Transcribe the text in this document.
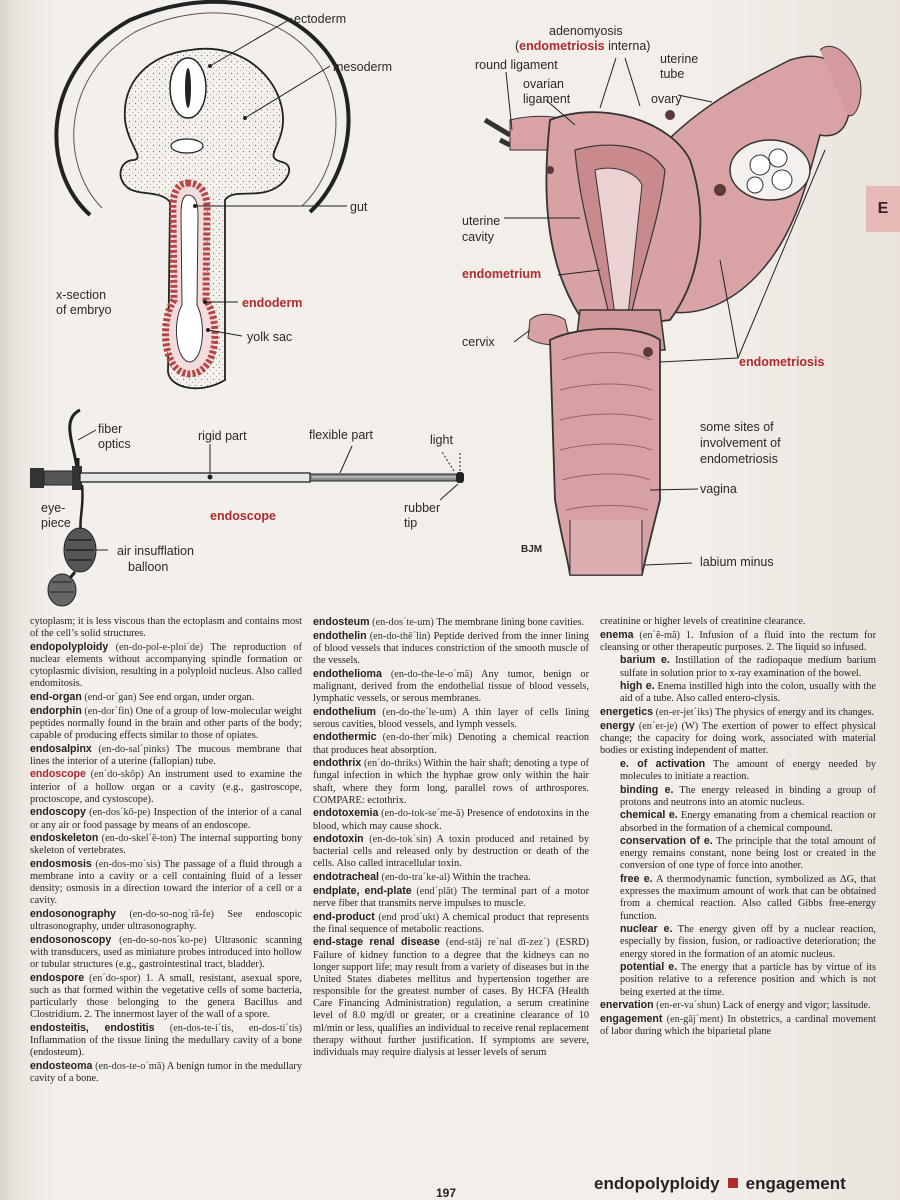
ectoderm
mesoderm
gut
x-section
of embryo	endoderm
yolk sac
fiber
optics
rigid part	flexible part	light
eye-
piece	endoscope
rubber
tip
air insufflation
balloon
adenomyosis
(endometriosis interna)
round ligament	uterine
tube
ovarian
ligament	ovary
uterine
cavity
endometrium
cervix
endometriosis
some sites of
involvement of
endometriosis
vagina
BJM
labium minus
E
cytoplasm; it is less viscous than the ectoplasm and contains most of the cell’s solid structures.
endopolyploidy (en-do-pol-e-ploi´de) The reproduction of nuclear elements without accompanying spindle formation or cytoplasmic division, resulting in a polyploid nucleus. Also called endomitosis.
end-organ (end-or´gan) See end organ, under organ.
endorphin (en-dor´fin) One of a group of low-molecular weight peptides normally found in the brain and other parts of the body; capable of producing effects similar to those of opiates.
endosalpinx (en-do-sal´pinks) The mucous membrane that lines the interior of a uterine (fallopian) tube.
endoscope (en´do-skōp) An instrument used to examine the interior of a hollow organ or a cavity (e.g., gastroscope, proctoscope, and cystoscope).
endoscopy (en-dos´kō-pe) Inspection of the interior of a canal or any air or food passage by means of an endoscope.
endoskeleton (en-do-skel´ĕ-ton) The internal supporting bony skeleton of vertebrates.
endosmosis (en-dos-mo´sis) The passage of a fluid through a membrane into a cavity or a cell containing fluid of a lesser density; osmosis in a direction toward the interior of a cell or a cavity.
endosonography (en-do-so-nog´ră-fe) See endoscopic ultrasonography, under ultrasonography.
endosonoscopy (en-do-so-nos´ko-pe) Ultrasonic scanning with transducers, used as miniature probes introduced into hollow or tubular structures (e.g., gastrointestinal tract, bladder).
endospore (en´do-spor) 1. A small, resistant, asexual spore, such as that formed within the vegetative cells of some bacteria, particularly those belonging to the genera Bacillus and Clostridium. 2. The innermost layer of the wall of a spore.
endosteitis, endostitis (en-dos-te-i´tis, en-dos-ti´tis) Inflammation of the tissue lining the medullary cavity of a bone (endosteum).
endosteoma (en-dos-te-o´mă) A benign tumor in the medullary cavity of a bone.
endosteum (en-dos´te-um) The membrane lining bone cavities.
endothelin (en-do-thē´lin) Peptide derived from the inner lining of blood vessels that induces constriction of the smooth muscle of the vessels.
endothelioma (en-do-the-le-o´mă) Any tumor, benign or malignant, derived from the endothelial tissue of blood vessels, lymphatic vessels, or serous membranes.
endothelium (en-do-the´le-um) A thin layer of cells lining serous cavities, blood vessels, and lymph vessels.
endothermic (en-do-ther´mik) Denoting a chemical reaction that produces heat absorption.
endothrix (en´do-thriks) Within the hair shaft; denoting a type of fungal infection in which the hyphae grow only within the hair shaft, where they form long, parallel rows of arthrospores. COMPARE: ectothrix.
endotoxemia (en-do-tok-se´me-ă) Presence of endotoxins in the blood, which may cause shock.
endotoxin (en-do-tok´sin) A toxin produced and retained by bacterial cells and released only by destruction or death of the cells. Also called intracellular toxin.
endotracheal (en-do-tra´ke-al) Within the trachea.
endplate, end-plate (end´plāt) The terminal part of a motor nerve fiber that transmits nerve impulses to muscle.
end-product (end prod´ukt) A chemical product that represents the final sequence of metabolic reactions.
end-stage renal disease (end-stāj re´nal dĭ-zez´) (ESRD) Failure of kidney function to a degree that the kidneys can no longer support life; may result from a variety of diseases but in the United States diabetes mellitus and hypertension together are responsible for the greatest number of cases. By HCFA (Health Care Financing Administration) regulation, a serum creatinine level of 8.0 mg/dl or greater, or a creatinine clearance of 10 ml/min or less, qualifies an individual to receive renal replacement therapy without further justification. If symptoms are severe, individuals may require dialysis at lesser levels of serum
creatinine or higher levels of creatinine clearance.
enema (en´ĕ-mă) 1. Infusion of a fluid into the rectum for cleansing or other therapeutic purposes. 2. The liquid so infused.
barium e. Instillation of the radiopaque medium barium sulfate in solution prior to x-ray examination of the bowel.
high e. Enema instilled high into the colon, usually with the aid of a tube. Also called entero-clysis.
energetics (en-er-jet´iks) The physics of energy and its changes.
energy (en´er-je) (W) The exertion of power to effect physical change; the capacity for doing work, associated with material bodies or existing independent of matter.
e. of activation The amount of energy needed by molecules to initiate a reaction.
binding e. The energy released in binding a group of protons and neutrons into an atomic nucleus.
chemical e. Energy emanating from a chemical reaction or absorbed in the formation of a chemical compound.
conservation of e. The principle that the total amount of energy remains constant, none being lost or created in the conversion of one type of force into another.
free e. A thermodynamic function, symbolized as ΔG, that expresses the maximum amount of work that can be obtained from a chemical reaction. Also called Gibbs free-energy function.
nuclear e. The energy given off by a nuclear reaction, especially by fission, fusion, or radioactive deterioration; the energy stored in the formation of an atomic nucleus.
potential e. The energy that a particle has by virtue of its position relative to a reference position and which is not being exerted at the time.
enervation (en-er-va´shun) Lack of energy and vigor; lassitude.
engagement (en-gāj´ment) In obstetrics, a cardinal movement of labor during which the biparietal plane
197	endopolyploidy engagement
